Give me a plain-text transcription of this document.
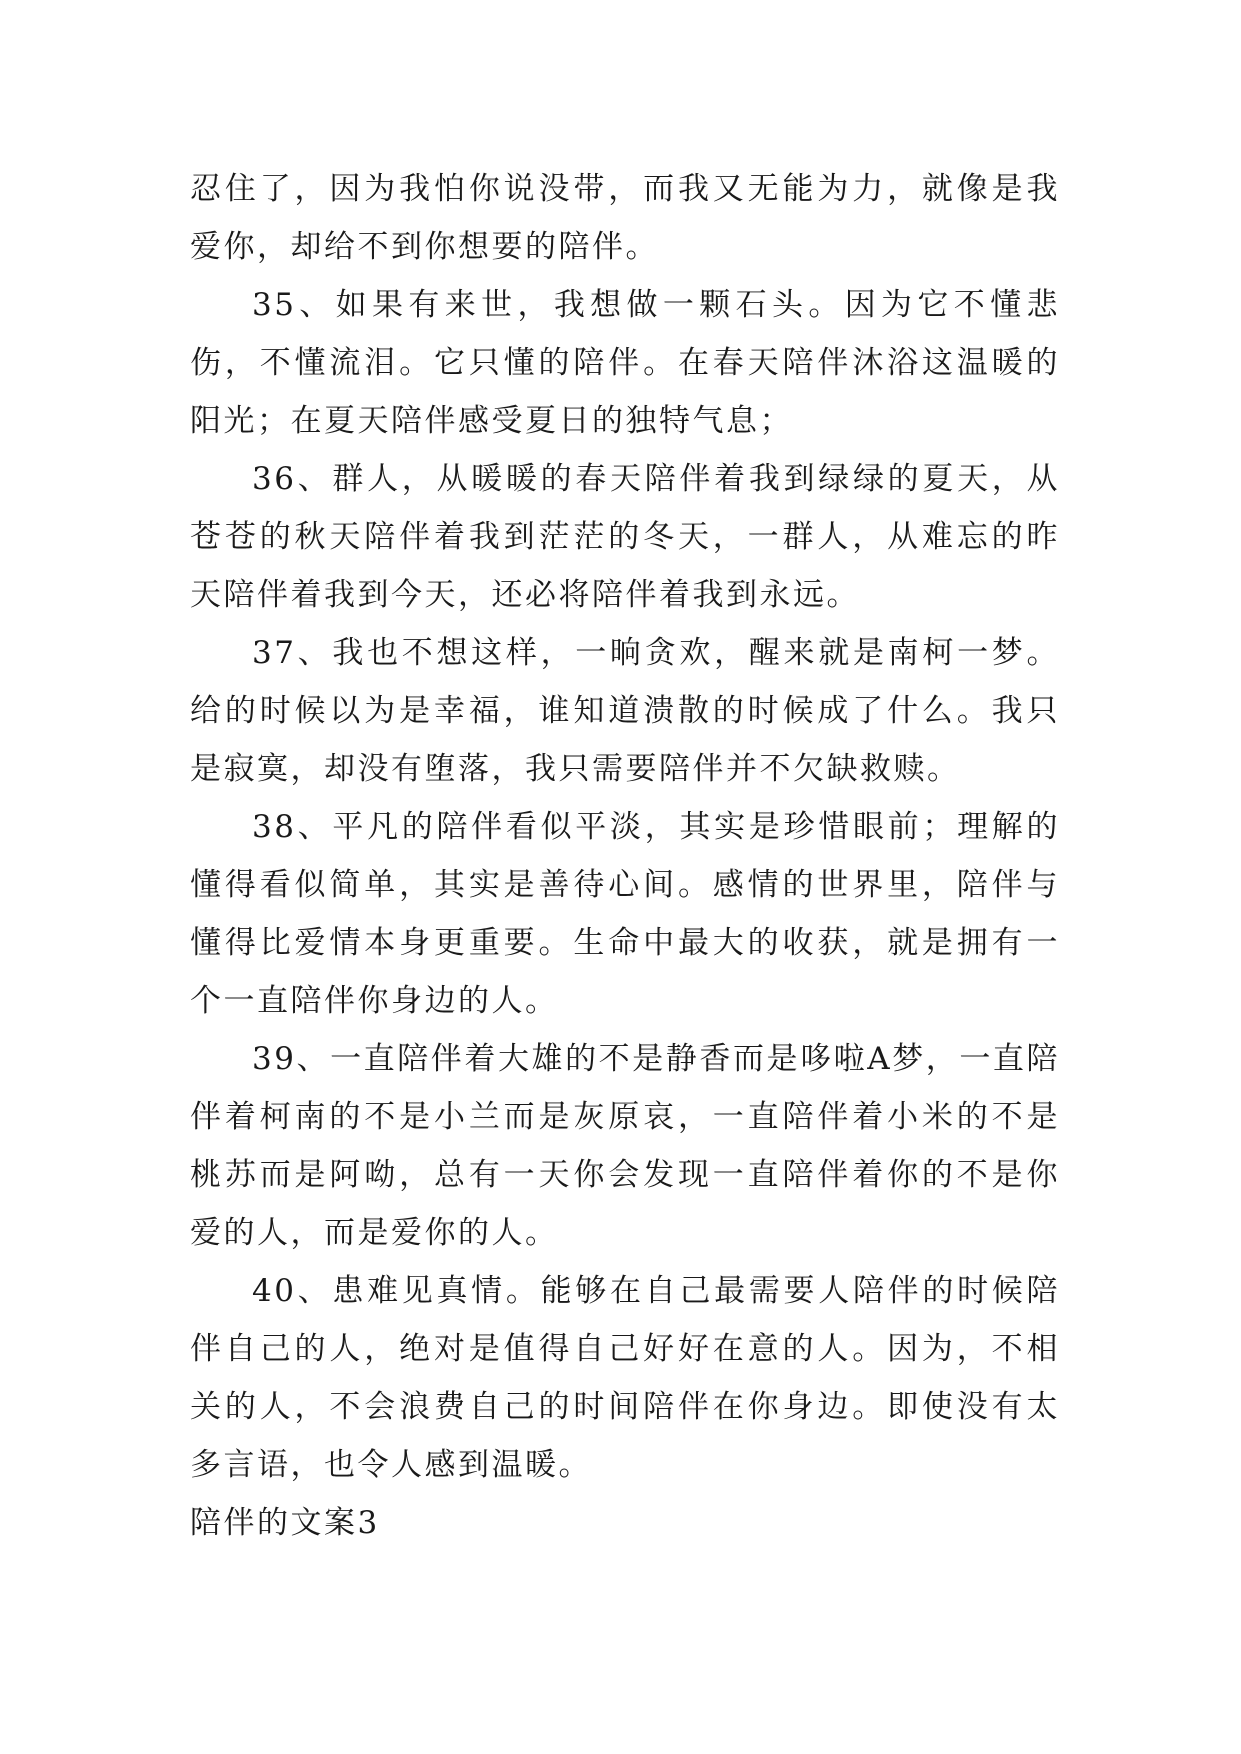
忍住了，因为我怕你说没带，而我又无能为力，就像是我爱你，却给不到你想要的陪伴。

35、如果有来世，我想做一颗石头。因为它不懂悲伤，不懂流泪。它只懂的陪伴。在春天陪伴沐浴这温暖的阳光；在夏天陪伴感受夏日的独特气息；

36、群人，从暖暖的春天陪伴着我到绿绿的夏天，从苍苍的秋天陪伴着我到茫茫的冬天，一群人，从难忘的昨天陪伴着我到今天，还必将陪伴着我到永远。

37、我也不想这样，一晌贪欢，醒来就是南柯一梦。给的时候以为是幸福，谁知道溃散的时候成了什么。我只是寂寞，却没有堕落，我只需要陪伴并不欠缺救赎。

38、平凡的陪伴看似平淡，其实是珍惜眼前；理解的懂得看似简单，其实是善待心间。感情的世界里，陪伴与懂得比爱情本身更重要。生命中最大的收获，就是拥有一个一直陪伴你身边的人。

39、一直陪伴着大雄的不是静香而是哆啦A梦，一直陪伴着柯南的不是小兰而是灰原哀，一直陪伴着小米的不是桃苏而是阿呦，总有一天你会发现一直陪伴着你的不是你爱的人，而是爱你的人。

40、患难见真情。能够在自己最需要人陪伴的时候陪伴自己的人，绝对是值得自己好好在意的人。因为，不相关的人，不会浪费自己的时间陪伴在你身边。即使没有太多言语，也令人感到温暖。

陪伴的文案3
